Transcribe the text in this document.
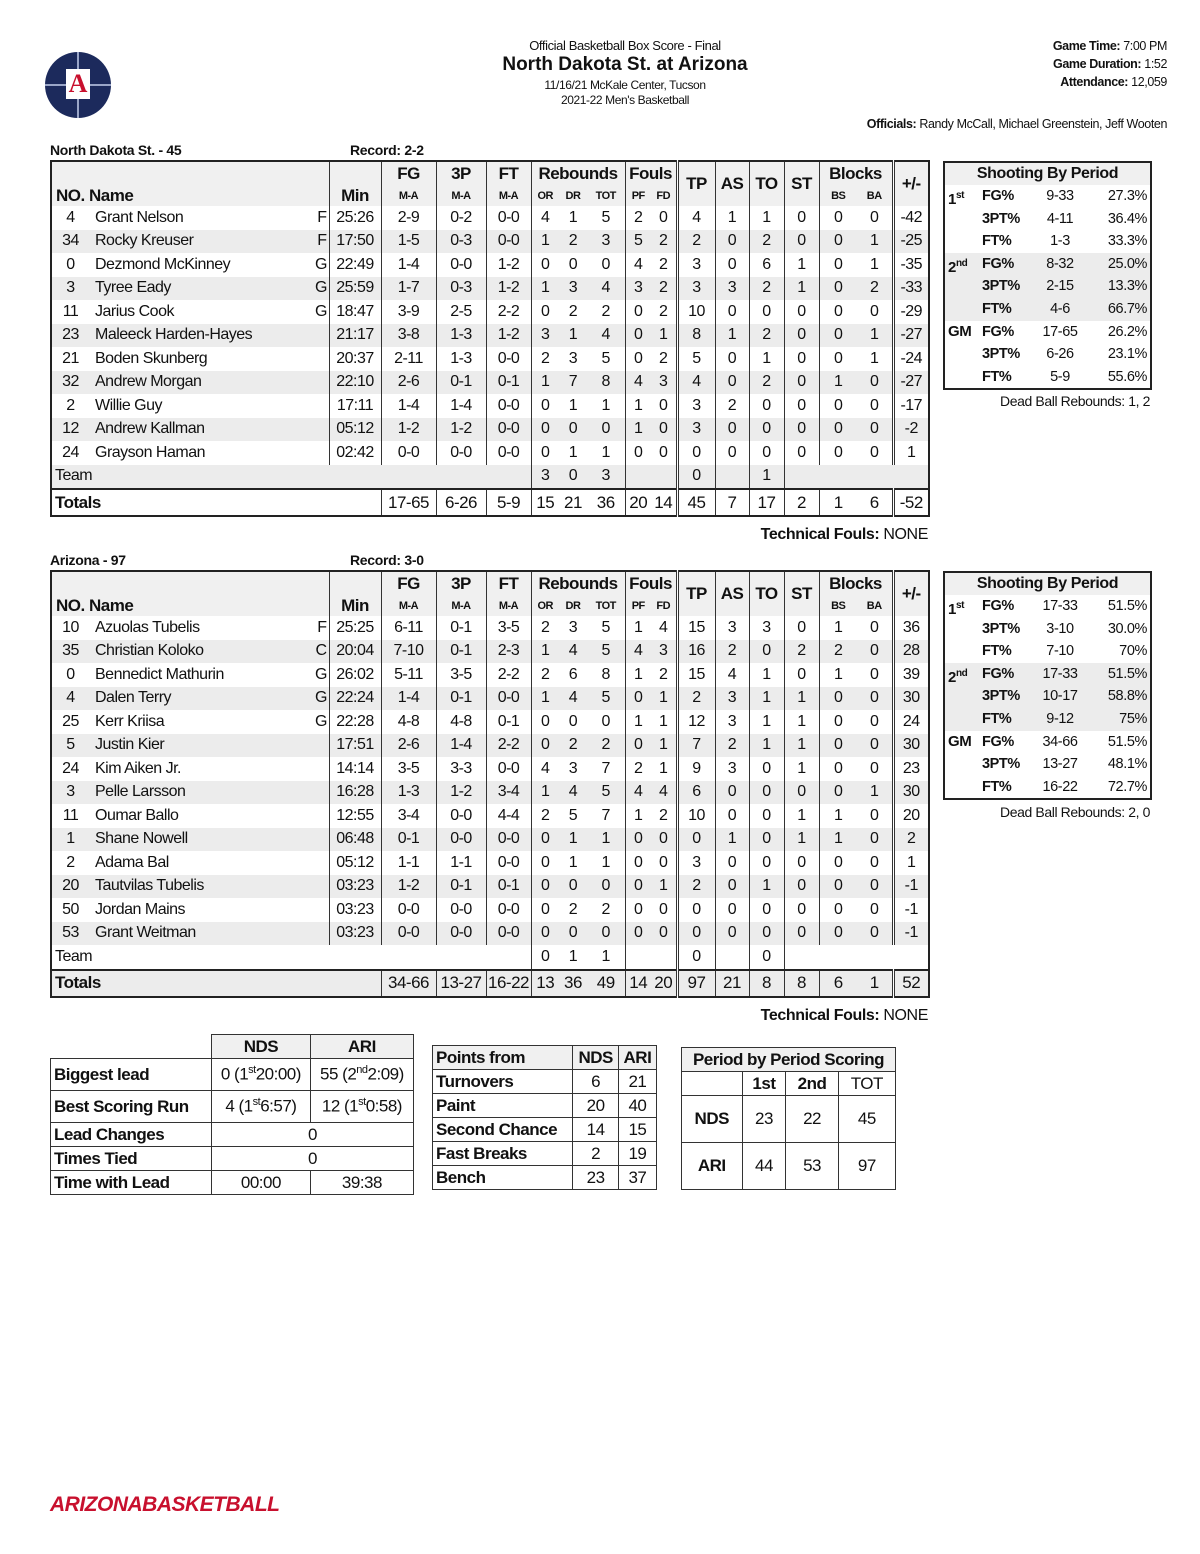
A
Official Basketball Box Score - Final
North Dakota St. at Arizona
11/16/21 McKale Center, Tucson
2021-22 Men's Basketball
Game Time: 7:00 PM
Game Duration: 1:52
Attendance: 12,059
Officials: Randy McCall, Michael Greenstein, Jeff Wooten
North Dakota St. - 45	Record: 2-2
NO.	Name		Min	FG	3P	FT	Rebounds			Fouls		TP	AS	TO	ST	Blocks		+/-
				M-A	M-A	M-A	OR	DR	TOT	PF	FD					BS	BA	
4	Grant Nelson	F	25:26	2-9	0-2	0-0	4	1	5	2	0	4	1	1	0	0	0	-42
34	Rocky Kreuser	F	17:50	1-5	0-3	0-0	1	2	3	5	2	2	0	2	0	0	1	-25
0	Dezmond McKinney	G	22:49	1-4	0-0	1-2	0	0	0	4	2	3	0	6	1	0	1	-35
3	Tyree Eady	G	25:59	1-7	0-3	1-2	1	3	4	3	2	3	3	2	1	0	2	-33
11	Jarius Cook	G	18:47	3-9	2-5	2-2	0	2	2	0	2	10	0	0	0	0	0	-29
23	Maleeck Harden-Hayes		21:17	3-8	1-3	1-2	3	1	4	0	1	8	1	2	0	0	1	-27
21	Boden Skunberg		20:37	2-11	1-3	0-0	2	3	5	0	2	5	0	1	0	0	1	-24
32	Andrew Morgan		22:10	2-6	0-1	0-1	1	7	8	4	3	4	0	2	0	1	0	-27
2	Willie Guy		17:11	1-4	1-4	0-0	0	1	1	1	0	3	2	0	0	0	0	-17
12	Andrew Kallman		05:12	1-2	1-2	0-0	0	0	0	1	0	3	0	0	0	0	0	-2
24	Grayson Haman		02:42	0-0	0-0	0-0	0	1	1	0	0	0	0	0	0	0	0	1
Team							3	0	3			0		1				
Totals				17-65	6-26	5-9	15	21	36	20	14	45	7	17	2	1	6	-52
Technical Fouls: NONE
Shooting By Period
1st	FG%	9-33	27.3%
3PT%	4-11	36.4%
FT%	1-3	33.3%
2nd	FG%	8-32	25.0%
3PT%	2-15	13.3%
FT%	4-6	66.7%
GM FG%	17-65	26.2%
3PT%	6-26	23.1%
FT%	5-9	55.6%
Dead Ball Rebounds: 1, 2
Arizona - 97	Record: 3-0
NO.	Name		Min	FG	3P	FT	Rebounds			Fouls		TP	AS	TO	ST	Blocks		+/-
				M-A	M-A	M-A	OR	DR	TOT	PF	FD					BS	BA	
10	Azuolas Tubelis	F	25:25	6-11	0-1	3-5	2	3	5	1	4	15	3	3	0	1	0	36
35	Christian Koloko	C	20:04	7-10	0-1	2-3	1	4	5	4	3	16	2	0	2	2	0	28
0	Bennedict Mathurin	G	26:02	5-11	3-5	2-2	2	6	8	1	2	15	4	1	0	1	0	39
4	Dalen Terry	G	22:24	1-4	0-1	0-0	1	4	5	0	1	2	3	1	1	0	0	30
25	Kerr Kriisa	G	22:28	4-8	4-8	0-1	0	0	0	1	1	12	3	1	1	0	0	24
5	Justin Kier		17:51	2-6	1-4	2-2	0	2	2	0	1	7	2	1	1	0	0	30
24	Kim Aiken Jr.		14:14	3-5	3-3	0-0	4	3	7	2	1	9	3	0	1	0	0	23
3	Pelle Larsson		16:28	1-3	1-2	3-4	1	4	5	4	4	6	0	0	0	0	1	30
11	Oumar Ballo		12:55	3-4	0-0	4-4	2	5	7	1	2	10	0	0	1	1	0	20
1	Shane Nowell		06:48	0-1	0-0	0-0	0	1	1	0	0	0	1	0	1	1	0	2
2	Adama Bal		05:12	1-1	1-1	0-0	0	1	1	0	0	3	0	0	0	0	0	1
20	Tautvilas Tubelis		03:23	1-2	0-1	0-1	0	0	0	0	1	2	0	1	0	0	0	-1
50	Jordan Mains		03:23	0-0	0-0	0-0	0	2	2	0	0	0	0	0	0	0	0	-1
53	Grant Weitman		03:23	0-0	0-0	0-0	0	0	0	0	0	0	0	0	0	0	0	-1
Team							0	1	1			0		0				
Totals				34-66	13-27	16-22	13	36	49	14	20	97	21	8	8	6	1	52
Technical Fouls: NONE
Shooting By Period
1st	FG%	17-33	51.5%
3PT%	3-10	30.0%
FT%	7-10	70%
2nd	FG%	17-33	51.5%
3PT%	10-17	58.8%
FT%	9-12	75%
GM FG%	34-66	51.5%
3PT%	13-27	48.1%
FT%	16-22	72.7%
Dead Ball Rebounds: 2, 0
	NDS	ARI
Biggest lead	0 (1st20:00)	55 (2nd2:09)
Best Scoring Run	4 (1st6:57)	12 (1st0:58)
Lead Changes	0	
Times Tied	0	
Time with Lead	00:00	39:38
Points from	NDS	ARI
Turnovers	6	21
Paint	20	40
Second Chance	14	15
Fast Breaks	2	19
Bench	23	37
Period by Period Scoring			
	1st	2nd	TOT
NDS	23	22	45
ARI	44	53	97
ARIZONABASKETBALL
